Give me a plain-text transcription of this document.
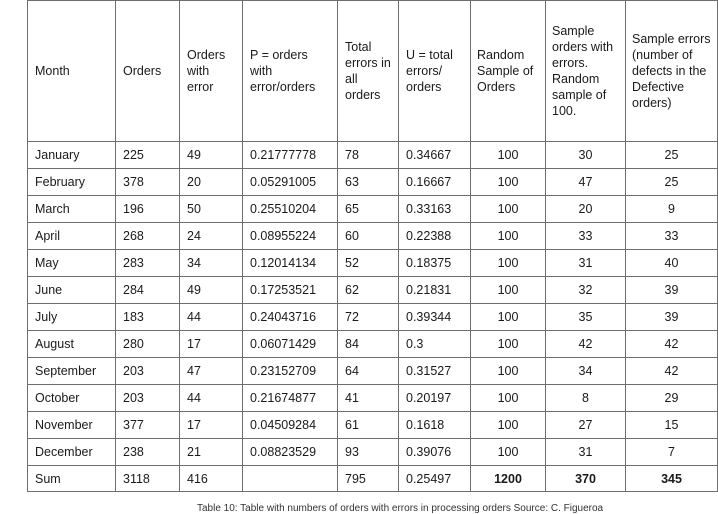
Month	Orders	Orders with error	P = orders with error/orders	Total errors in all orders	U = total errors/ orders	Random Sample of Orders	Sample orders with errors. Random sample of 100.	Sample errors (number of defects in the Defective orders)
January	225	49	0.21777778	78	0.34667	100	30	25
February	378	20	0.05291005	63	0.16667	100	47	25
March	196	50	0.25510204	65	0.33163	100	20	9
April	268	24	0.08955224	60	0.22388	100	33	33
May	283	34	0.12014134	52	0.18375	100	31	40
June	284	49	0.17253521	62	0.21831	100	32	39
July	183	44	0.24043716	72	0.39344	100	35	39
August	280	17	0.06071429	84	0.3	100	42	42
September	203	47	0.23152709	64	0.31527	100	34	42
October	203	44	0.21674877	41	0.20197	100	8	29
November	377	17	0.04509284	61	0.1618	100	27	15
December	238	21	0.08823529	93	0.39076	100	31	7
Sum	3118	416		795	0.25497	1200	370	345
Table 10: Table with numbers of orders with errors in processing orders Source: C. Figueroa
